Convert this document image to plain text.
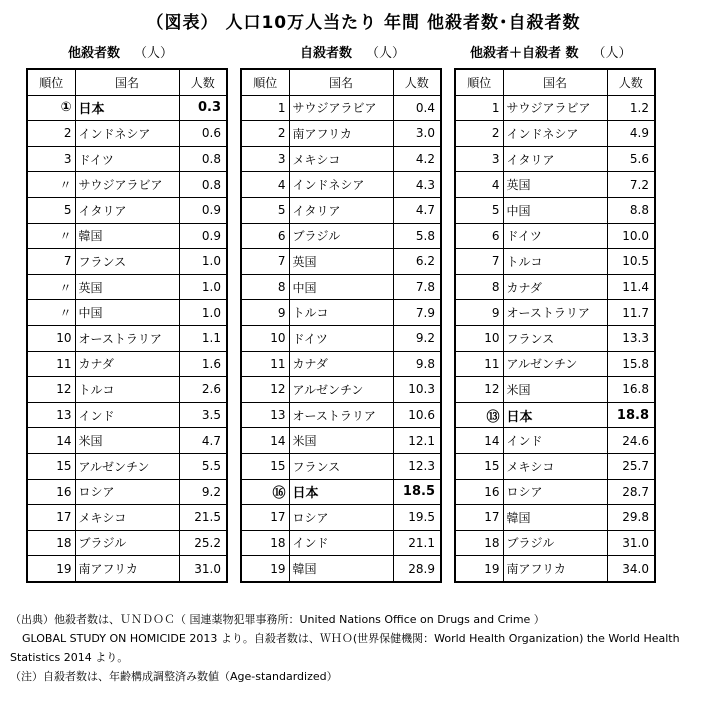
（図表） 人口10万人当たり 年間 他殺者数･自殺者数
他殺者数 （人）	自殺者数 （人）	他殺者＋自殺者 数 （人）
順位	国名	人数
①	日本	0.3
2	インドネシア	0.6
3	ドイツ	0.8
〃	サウジアラビア	0.8
5	イタリア	0.9
〃	韓国	0.9
7	フランス	1.0
〃	英国	1.0
〃	中国	1.0
10	オーストラリア	1.1
11	カナダ	1.6
12	トルコ	2.6
13	インド	3.5
14	米国	4.7
15	アルゼンチン	5.5
16	ロシア	9.2
17	メキシコ	21.5
18	ブラジル	25.2
19	南アフリカ	31.0
順位	国名	人数
1	サウジアラビア	0.4
2	南アフリカ	3.0
3	メキシコ	4.2
4	インドネシア	4.3
5	イタリア	4.7
6	ブラジル	5.8
7	英国	6.2
8	中国	7.8
9	トルコ	7.9
10	ドイツ	9.2
11	カナダ	9.8
12	アルゼンチン	10.3
13	オーストラリア	10.6
14	米国	12.1
15	フランス	12.3
⑯	日本	18.5
17	ロシア	19.5
18	インド	21.1
19	韓国	28.9
順位	国名	人数
1	サウジアラビア	1.2
2	インドネシア	4.9
3	イタリア	5.6
4	英国	7.2
5	中国	8.8
6	ドイツ	10.0
7	トルコ	10.5
8	カナダ	11.4
9	オーストラリア	11.7
10	フランス	13.3
11	アルゼンチン	15.8
12	米国	16.8
⑬	日本	18.8
14	インド	24.6
15	メキシコ	25.7
16	ロシア	28.7
17	韓国	29.8
18	ブラジル	31.0
19	南アフリカ	34.0
（出典）他殺者数は、ＵＮＤＯＣ（ 国連薬物犯罪事務所：United Nations Office on Drugs and Crime ）
GLOBAL STUDY ON HOMICIDE 2013 より。自殺者数は、ＷＨＯ(世界保健機関：World Health Organization) the World Health
Statistics 2014 より。
（注）自殺者数は、年齢構成調整済み数値（Age-standardized）
